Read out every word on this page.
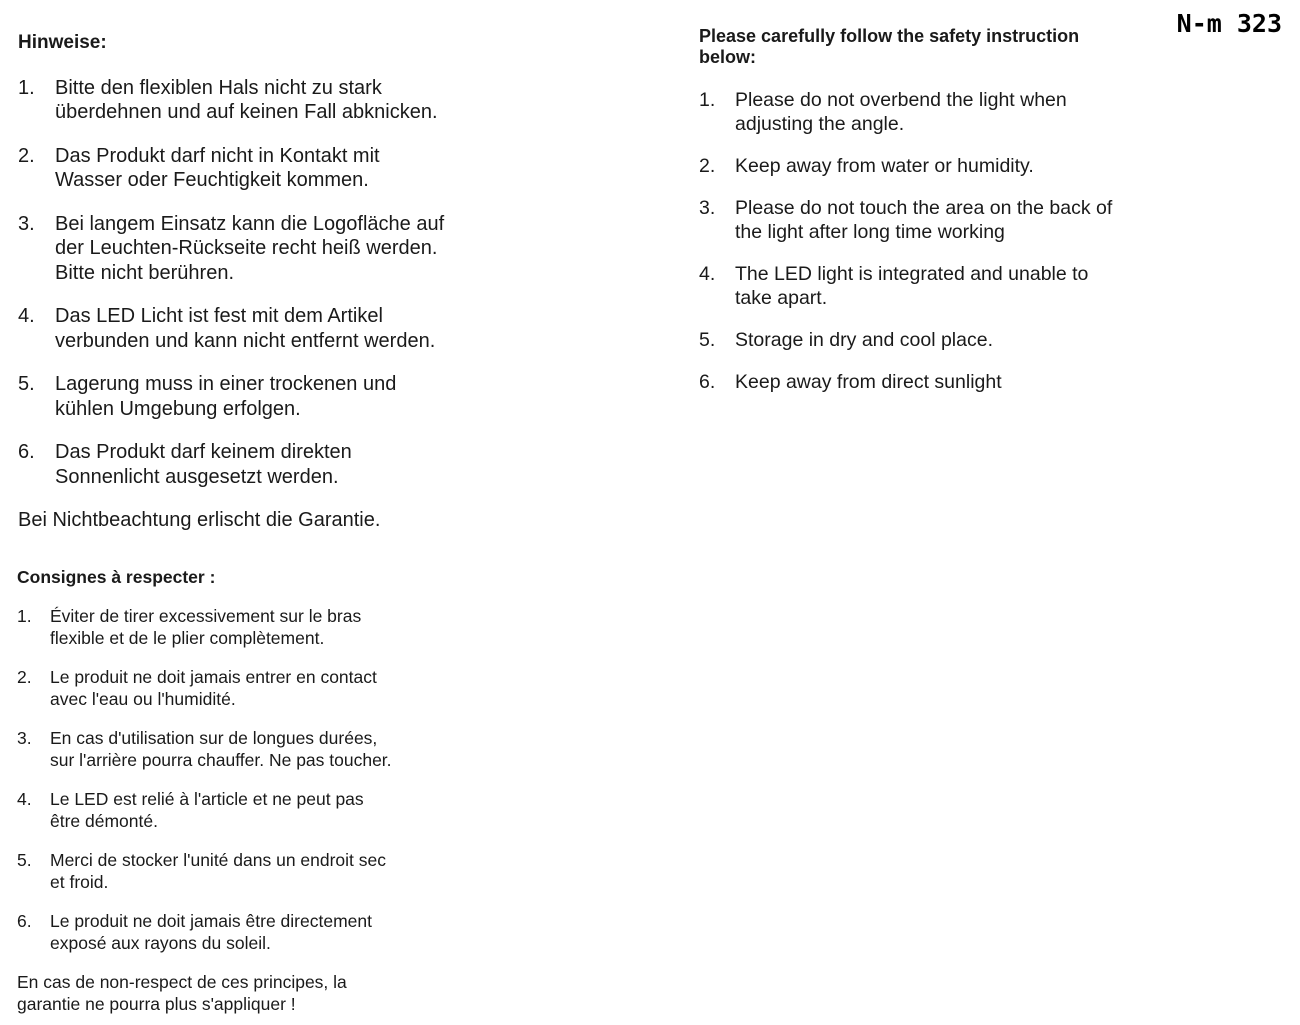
N-m 323
Hinweise:
1. Bitte den flexiblen Hals nicht zu stark
überdehnen und auf keinen Fall abknicken.
2. Das Produkt darf nicht in Kontakt mit
Wasser oder Feuchtigkeit kommen.
3. Bei langem Einsatz kann die Logofläche auf
der Leuchten-Rückseite recht heiß werden.
Bitte nicht berühren.
4. Das LED Licht ist fest mit dem Artikel
verbunden und kann nicht entfernt werden.
5. Lagerung muss in einer trockenen und
kühlen Umgebung erfolgen.
6. Das Produkt darf keinem direkten
Sonnenlicht ausgesetzt werden.
Bei Nichtbeachtung erlischt die Garantie.
Please carefully follow the safety instruction
below:
1. Please do not overbend the light when
adjusting the angle.
2. Keep away from water or humidity.
3. Please do not touch the area on the back of
the light after long time working
4. The LED light is integrated and unable to
take apart.
5. Storage in dry and cool place.
6. Keep away from direct sunlight
Consignes à respecter :
1. Éviter de tirer excessivement sur le bras
flexible et de le plier complètement.
2. Le produit ne doit jamais entrer en contact
avec l'eau ou l'humidité.
3. En cas d'utilisation sur de longues durées,
sur l'arrière pourra chauffer. Ne pas toucher.
4. Le LED est relié à l'article et ne peut pas
être démonté.
5. Merci de stocker l'unité dans un endroit sec
et froid.
6. Le produit ne doit jamais être directement
exposé aux rayons du soleil.
En cas de non-respect de ces principes, la
garantie ne pourra plus s'appliquer !
